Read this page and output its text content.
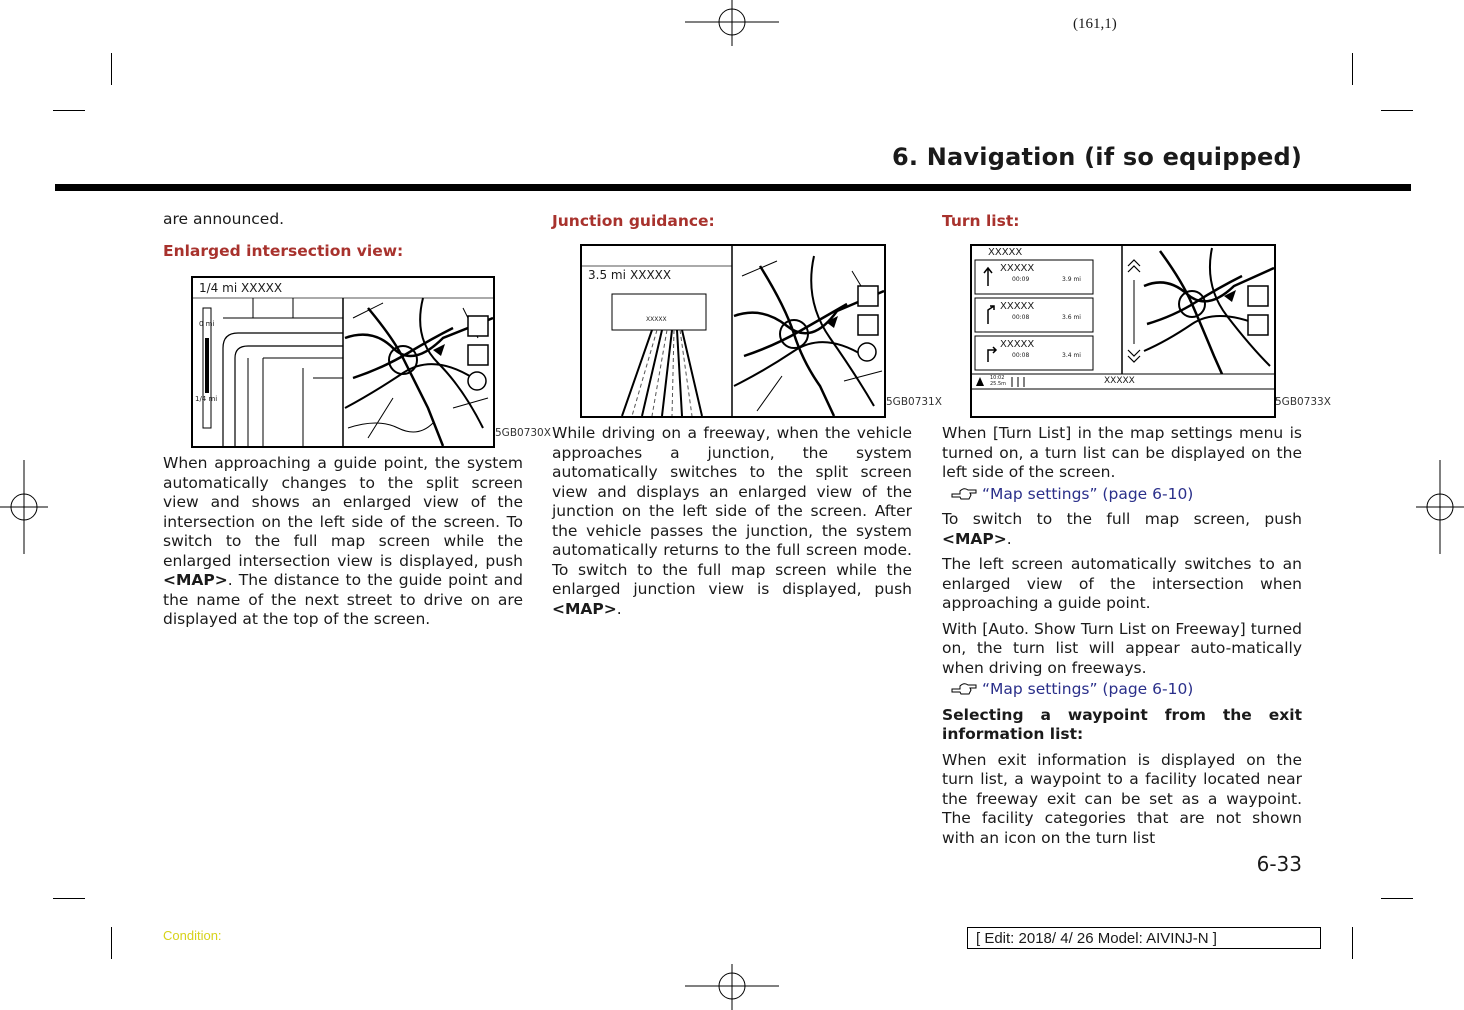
(161,1)
6. Navigation (if so equipped)

are announced.

Enlarged intersection view:

1/4 mi XXXXX
0 mi
1/4 mi
5GB0730X

When approaching a guide point, the system automatically changes to the split screen view and shows an enlarged view of the intersection on the left side of the screen. To switch to the full map screen while the enlarged intersection view is displayed, push <MAP>. The distance to the guide point and the name of the next street to drive on are displayed at the top of the screen.

Junction guidance:

3.5 mi XXXXX
XXXXX
5GB0731X

While driving on a freeway, when the vehicle approaches a junction, the system automatically switches to the split screen view and displays an enlarged view of the junction on the left side of the screen. After the vehicle passes the junction, the system automatically returns to the full screen mode. To switch to the full map screen while the enlarged junction view is displayed, push <MAP>.

Turn list:

XXXXX
XXXXX
00:09	3.9 mi
XXXXX
00:08	3.6 mi
XXXXX
00:08	3.4 mi
10:02
25.5m	XXXXX
5GB0733X

When [Turn List] in the map settings menu is turned on, a turn list can be displayed on the left side of the screen.

“Map settings” (page 6-10)

To switch to the full map screen, push <MAP>.

The left screen automatically switches to an enlarged view of the intersection when approaching a guide point.

With [Auto. Show Turn List on Freeway] turned on, the turn list will appear auto-matically when driving on freeways.

“Map settings” (page 6-10)

Selecting a waypoint from the exit information list:

When exit information is displayed on the turn list, a waypoint to a facility located near the freeway exit can be set as a waypoint. The facility categories that are not shown with an icon on the turn list

6-33
Condition:	[ Edit: 2018/ 4/ 26 Model: AIVINJ-N ]
